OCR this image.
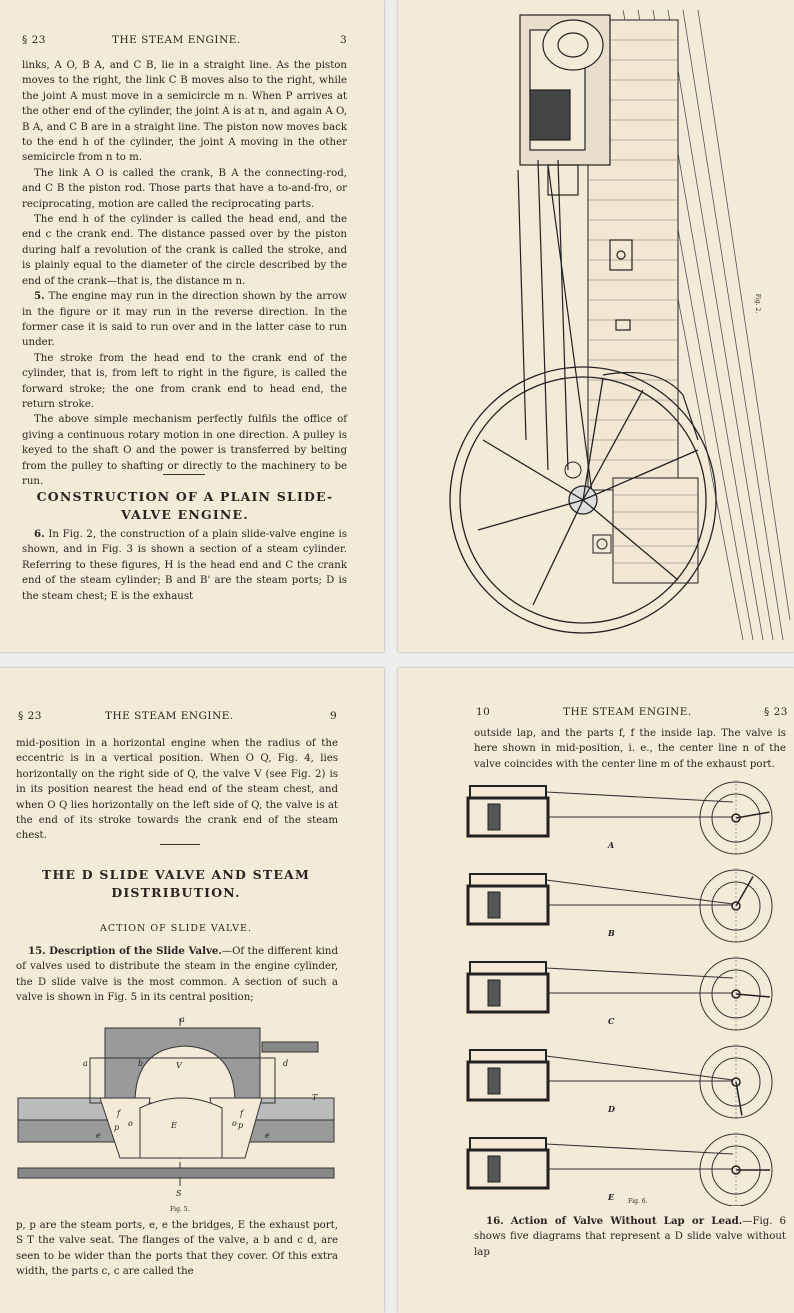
§ 23	THE STEAM ENGINE.	3

links, A O, B A, and C B, lie in a straight line. As the piston moves to the right, the link C B moves also to the right, while the joint A must move in a semicircle m n. When P arrives at the other end of the cylinder, the joint A is at n, and again A O, B A, and C B are in a straight line. The piston now moves back to the end h of the cylinder, the joint A moving in the other semicircle from n to m.

The link A O is called the crank, B A the connecting-rod, and C B the piston rod. Those parts that have a to-and-fro, or reciprocating, motion are called the reciprocating parts.

The end h of the cylinder is called the head end, and the end c the crank end. The distance passed over by the piston during half a revolution of the crank is called the stroke, and is plainly equal to the diameter of the circle described by the end of the crank—that is, the distance m n.

5. The engine may run in the direction shown by the arrow in the figure or it may run in the reverse direction. In the former case it is said to run over and in the latter case to run under.

The stroke from the head end to the crank end of the cylinder, that is, from left to right in the figure, is called the forward stroke; the one from crank end to head end, the return stroke.

The above simple mechanism perfectly fulfils the office of giving a continuous rotary motion in one direction. A pulley is keyed to the shaft O and the power is transferred by belting from the pulley to shafting or directly to the machinery to be run.

CONSTRUCTION OF A PLAIN SLIDE-
VALVE ENGINE.

6. In Fig. 2, the construction of a plain slide-valve engine is shown, and in Fig. 3 is shown a section of a steam cylinder. Referring to these figures, H is the head end and C the crank end of the steam cylinder; B and B' are the steam ports; D is the steam chest; E is the exhaust

Fig. 2.
§ 23	THE STEAM ENGINE.	9

mid-position in a horizontal engine when the radius of the eccentric is in a vertical position. When O Q, Fig. 4, lies horizontally on the right side of Q, the valve V (see Fig. 2) is in its position nearest the head end of the steam chest, and when O Q lies horizontally on the left side of Q, the valve is at the end of its stroke towards the crank end of the steam chest.

THE D SLIDE VALVE AND STEAM
DISTRIBUTION.
ACTION OF SLIDE VALVE.

15. Description of the Slide Valve.—Of the different kind of valves used to distribute the steam in the engine cylinder, the D slide valve is the most common. A section of such a valve is shown in Fig. 5 in its central position;

a
a	b	V	d
T
f
p o	E	p
o
f
e	e
S
Fig. 5.

p, p are the steam ports, e, e the bridges, E the exhaust port, S T the valve seat. The flanges of the valve, a b and c d, are seen to be wider than the ports that they cover. Of this extra width, the parts c, c are called the

10	THE STEAM ENGINE.	§ 23

outside lap, and the parts f, f the inside lap. The valve is here shown in mid-position, i. e., the center line n of the valve coincides with the center line m of the exhaust port.

A
B
C
D
E Fig. 6.

16. Action of Valve Without Lap or Lead.—Fig. 6 shows five diagrams that represent a D slide valve without lap
